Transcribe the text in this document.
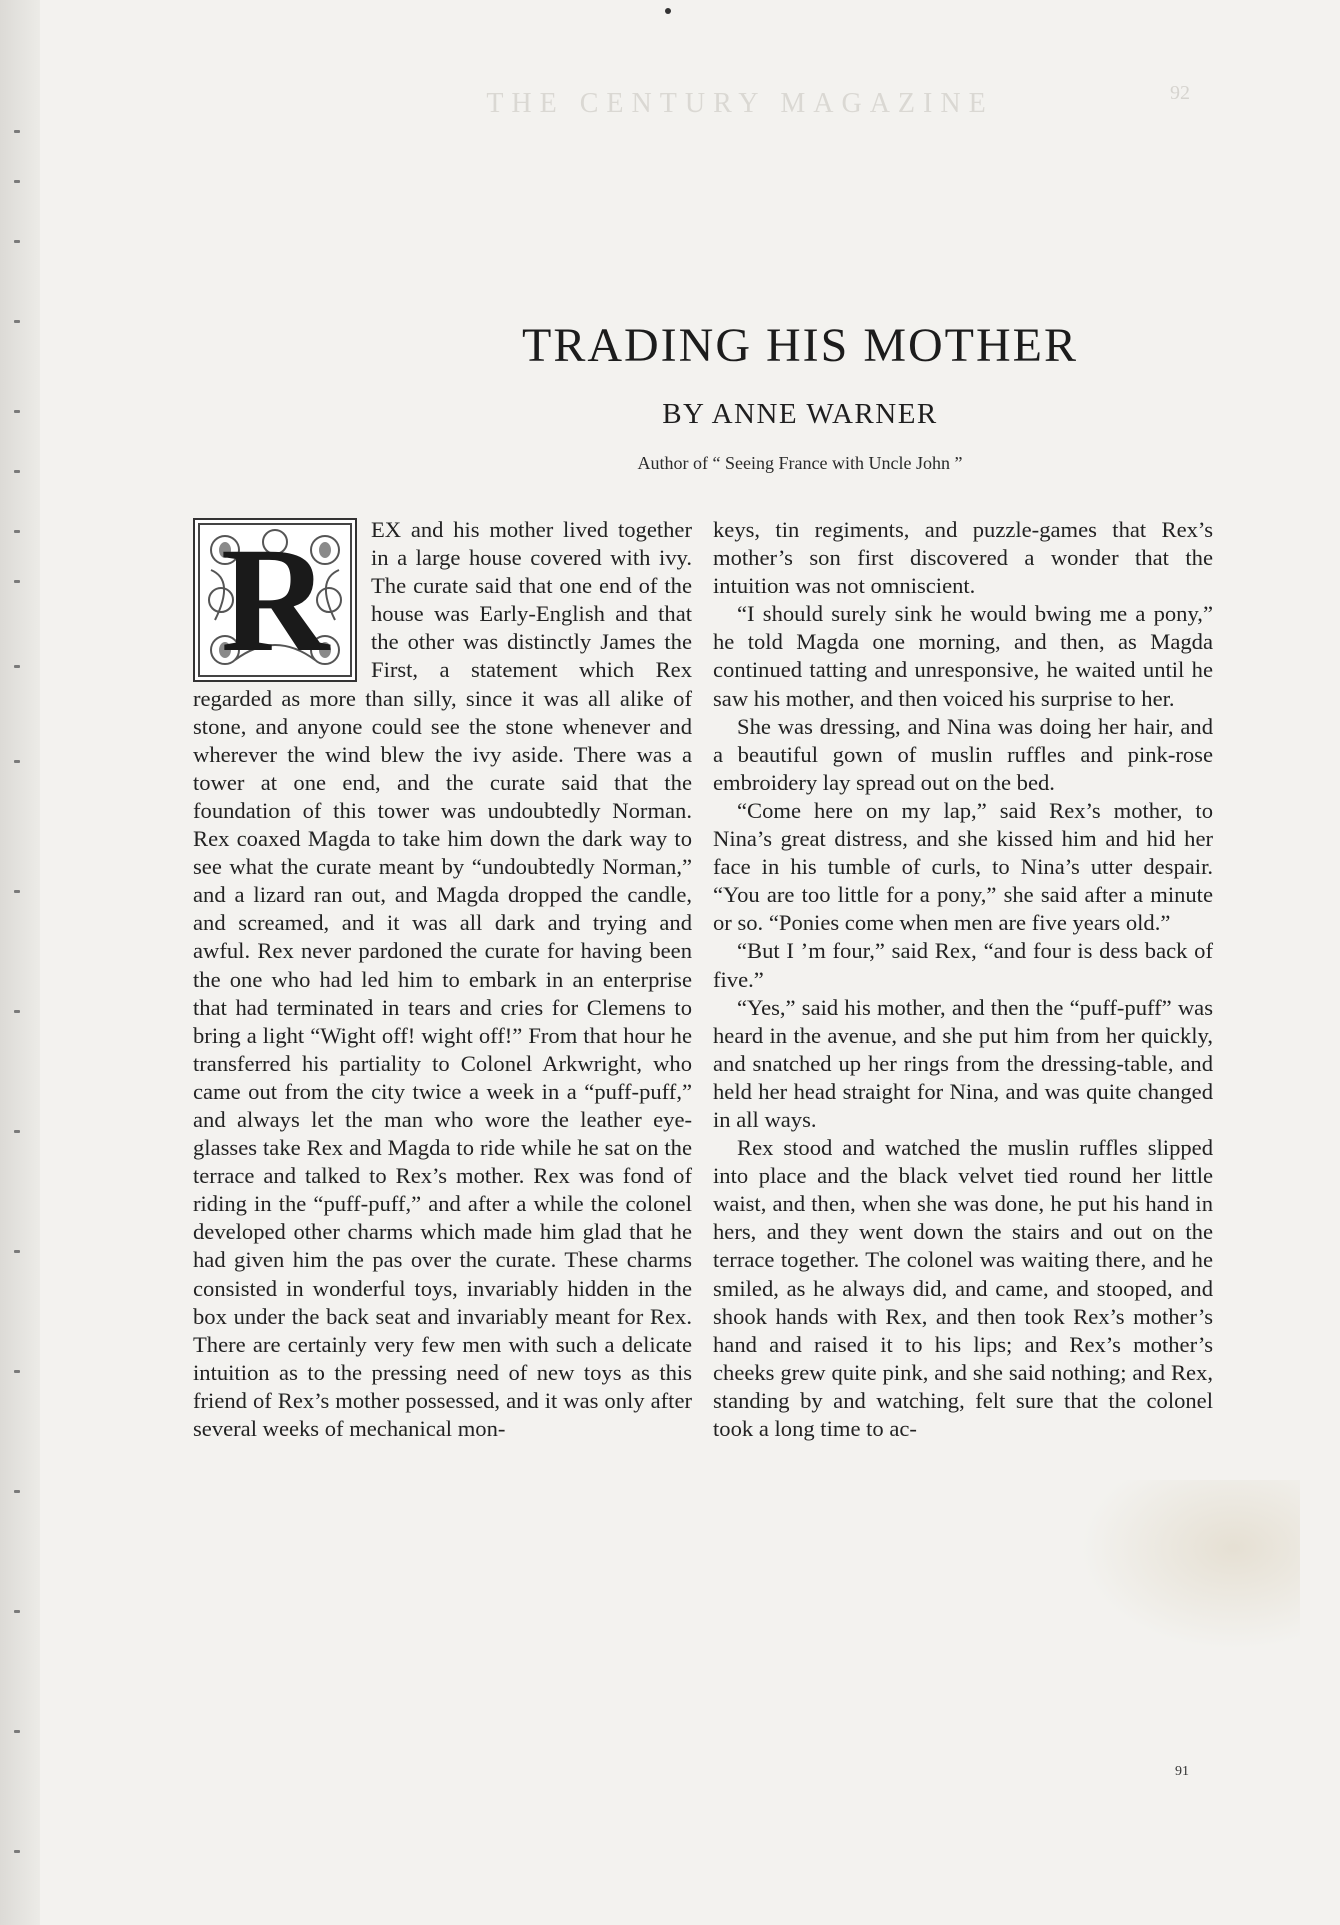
THE CENTURY MAGAZINE	92
TRADING HIS MOTHER
BY ANNE WARNER
Author of “ Seeing France with Uncle John ”
R	EX and his mother lived together in a large house covered with ivy. The curate said that one end of the house was Early-English and that the other was distinctly James the First, a statement which Rex regarded as more than silly, since it was all alike of stone, and anyone could see the stone whenever and wherever the wind blew the ivy aside. There was a tower at one end, and the curate said that the foundation of this tower was undoubtedly Norman. Rex coaxed Magda to take him down the dark way to see what the curate meant by “undoubtedly Norman,” and a lizard ran out, and Magda dropped the candle, and screamed, and it was all dark and trying and awful. Rex never pardoned the curate for having been the one who had led him to embark in an enterprise that had terminated in tears and cries for Clemens to bring a light “Wight off! wight off!” From that hour he transferred his partiality to Colonel Arkwright, who came out from the city twice a week in a “puff-puff,” and always let the man who wore the leather eye-glasses take Rex and Magda to ride while he sat on the terrace and talked to Rex’s mother. Rex was fond of riding in the “puff-puff,” and after a while the colonel developed other charms which made him glad that he had given him the pas over the curate. These charms consisted in wonderful toys, invariably hidden in the box under the back seat and invariably meant for Rex. There are certainly very few men with such a delicate intuition as to the pressing need of new toys as this friend of Rex’s mother possessed, and it was only after several weeks of mechanical mon-

keys, tin regiments, and puzzle-games that Rex’s mother’s son first discovered a wonder that the intuition was not omniscient.

“I should surely sink he would bwing me a pony,” he told Magda one morning, and then, as Magda continued tatting and unresponsive, he waited until he saw his mother, and then voiced his surprise to her.

She was dressing, and Nina was doing her hair, and a beautiful gown of muslin ruffles and pink-rose embroidery lay spread out on the bed.

“Come here on my lap,” said Rex’s mother, to Nina’s great distress, and she kissed him and hid her face in his tumble of curls, to Nina’s utter despair. “You are too little for a pony,” she said after a minute or so. “Ponies come when men are five years old.”

“But I ’m four,” said Rex, “and four is dess back of five.”

“Yes,” said his mother, and then the “puff-puff” was heard in the avenue, and she put him from her quickly, and snatched up her rings from the dressing-table, and held her head straight for Nina, and was quite changed in all ways.

Rex stood and watched the muslin ruffles slipped into place and the black velvet tied round her little waist, and then, when she was done, he put his hand in hers, and they went down the stairs and out on the terrace together. The colonel was waiting there, and he smiled, as he always did, and came, and stooped, and shook hands with Rex, and then took Rex’s mother’s hand and raised it to his lips; and Rex’s mother’s cheeks grew quite pink, and she said nothing; and Rex, standing by and watching, felt sure that the colonel took a long time to ac-

91
